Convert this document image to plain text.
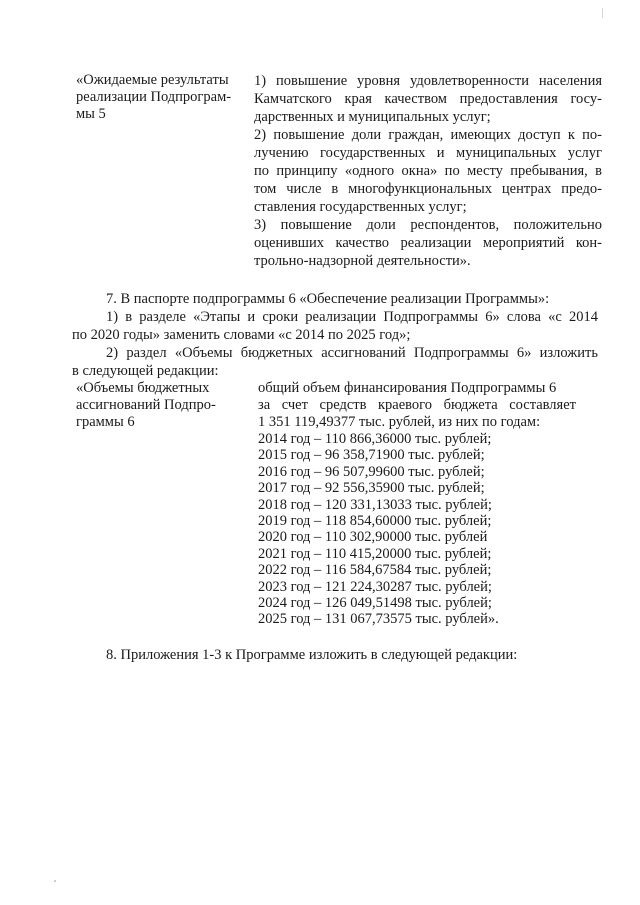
«Ожидаемые результаты
реализации Подпрограм-
мы 5
1) повышение уровня удовлетворенности населения
Камчатского края качеством предоставления госу-
дарственных и муниципальных услуг;
2) повышение доли граждан, имеющих доступ к по-
лучению государственных и муниципальных услуг
по принципу «одного окна» по месту пребывания, в
том числе в многофункциональных центрах предо-
ставления государственных услуг;
3) повышение доли респондентов, положительно
оценивших качество реализации мероприятий кон-
трольно-надзорной деятельности».
7. В паспорте подпрограммы 6 «Обеспечение реализации Программы»:
1) в разделе «Этапы и сроки реализации Подпрограммы 6» слова «с 2014
по 2020 годы» заменить словами «с 2014 по 2025 год»;
2) раздел «Объемы бюджетных ассигнований Подпрограммы 6» изложить
в следующей редакции:
«Объемы бюджетных
ассигнований Подпро-
граммы 6
общий объем финансирования Подпрограммы 6
за счет средств краевого бюджета составляет
1 351 119,49377 тыс. рублей, из них по годам:
2014 год – 110 866,36000 тыс. рублей;
2015 год – 96 358,71900 тыс. рублей;
2016 год – 96 507,99600 тыс. рублей;
2017 год – 92 556,35900 тыс. рублей;
2018 год – 120 331,13033 тыс. рублей;
2019 год – 118 854,60000 тыс. рублей;
2020 год – 110 302,90000 тыс. рублей
2021 год – 110 415,20000 тыс. рублей;
2022 год – 116 584,67584 тыс. рублей;
2023 год – 121 224,30287 тыс. рублей;
2024 год – 126 049,51498 тыс. рублей;
2025 год – 131 067,73575 тыс. рублей».
8. Приложения 1-3 к Программе изложить в следующей редакции:
